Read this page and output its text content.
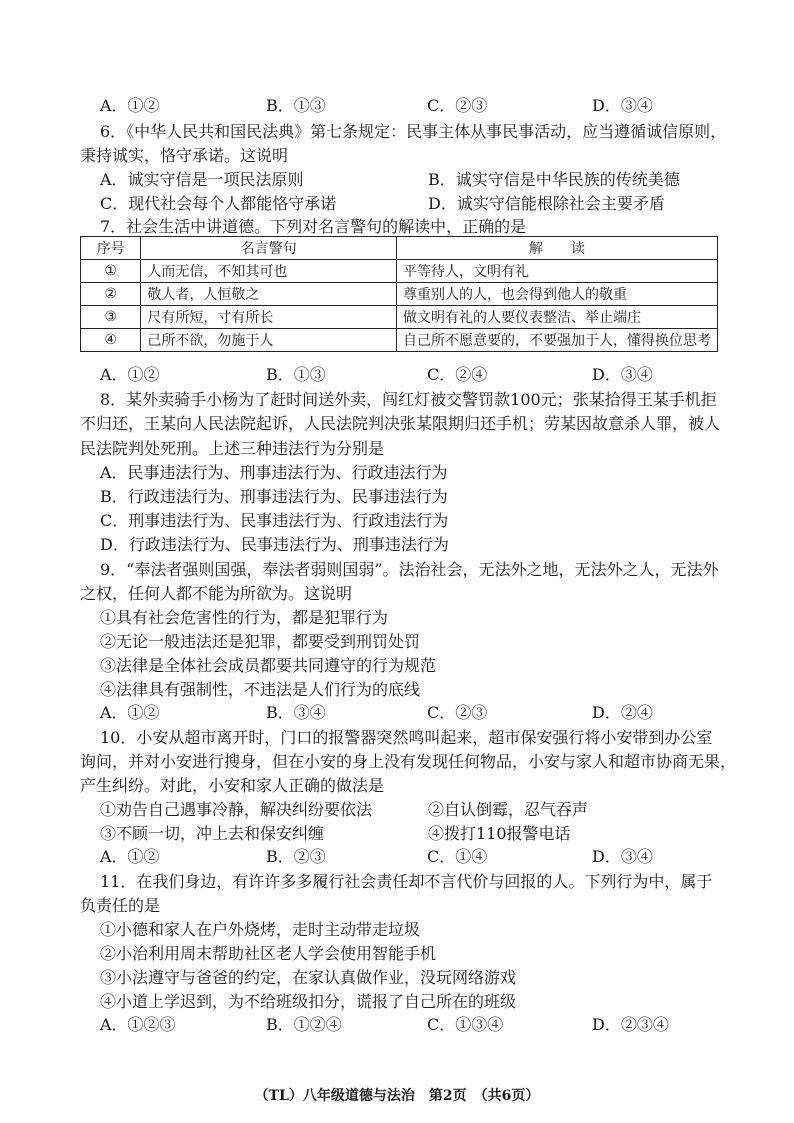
A．①②	B．①③	C．②③	D．③④
6．《中华人民共和国民法典》第七条规定：民事主体从事民事活动，应当遵循诚信原则，
秉持诚实，恪守承诺。这说明
A．诚实守信是一项民法原则	B．诚实守信是中华民族的传统美德
C．现代社会每个人都能恪守承诺	D．诚实守信能根除社会主要矛盾
7．社会生活中讲道德。下列对名言警句的解读中，正确的是
序号	名言警句	解　　读
①	人而无信，不知其可也	平等待人，文明有礼
②	敬人者，人恒敬之	尊重别人的人，也会得到他人的敬重
③	尺有所短，寸有所长	做文明有礼的人要仪表整洁、举止端庄
④	己所不欲，勿施于人	自己所不愿意要的，不要强加于人，懂得换位思考
A．①②	B．①③	C．②④	D．③④
8．某外卖骑手小杨为了赶时间送外卖，闯红灯被交警罚款100元；张某拾得王某手机拒
不归还，王某向人民法院起诉，人民法院判决张某限期归还手机；劳某因故意杀人罪，被人
民法院判处死刑。上述三种违法行为分别是
A．民事违法行为、刑事违法行为、行政违法行为
B．行政违法行为、刑事违法行为、民事违法行为
C．刑事违法行为、民事违法行为、行政违法行为
D．行政违法行为、民事违法行为、刑事违法行为
9．“奉法者强则国强，奉法者弱则国弱”。法治社会，无法外之地，无法外之人，无法外
之权，任何人都不能为所欲为。这说明
①具有社会危害性的行为，都是犯罪行为
②无论一般违法还是犯罪，都要受到刑罚处罚
③法律是全体社会成员都要共同遵守的行为规范
④法律具有强制性，不违法是人们行为的底线
A．①②	B．③④	C．②③	D．②④
10．小安从超市离开时，门口的报警器突然鸣叫起来，超市保安强行将小安带到办公室
询问，并对小安进行搜身，但在小安的身上没有发现任何物品，小安与家人和超市协商无果，
产生纠纷。对此，小安和家人正确的做法是
①劝告自己遇事冷静，解决纠纷要依法	②自认倒霉，忍气吞声
③不顾一切，冲上去和保安纠缠	④拨打110报警电话
A．①②	B．②③	C．①④	D．③④
11．在我们身边，有许许多多履行社会责任却不言代价与回报的人。下列行为中，属于
负责任的是
①小德和家人在户外烧烤，走时主动带走垃圾
②小治利用周末帮助社区老人学会使用智能手机
③小法遵守与爸爸的约定，在家认真做作业，没玩网络游戏
④小道上学迟到，为不给班级扣分，谎报了自己所在的班级
A．①②③	B．①②④	C．①③④	D．②③④
（TL）八年级道德与法治　第2页　（共6页）
